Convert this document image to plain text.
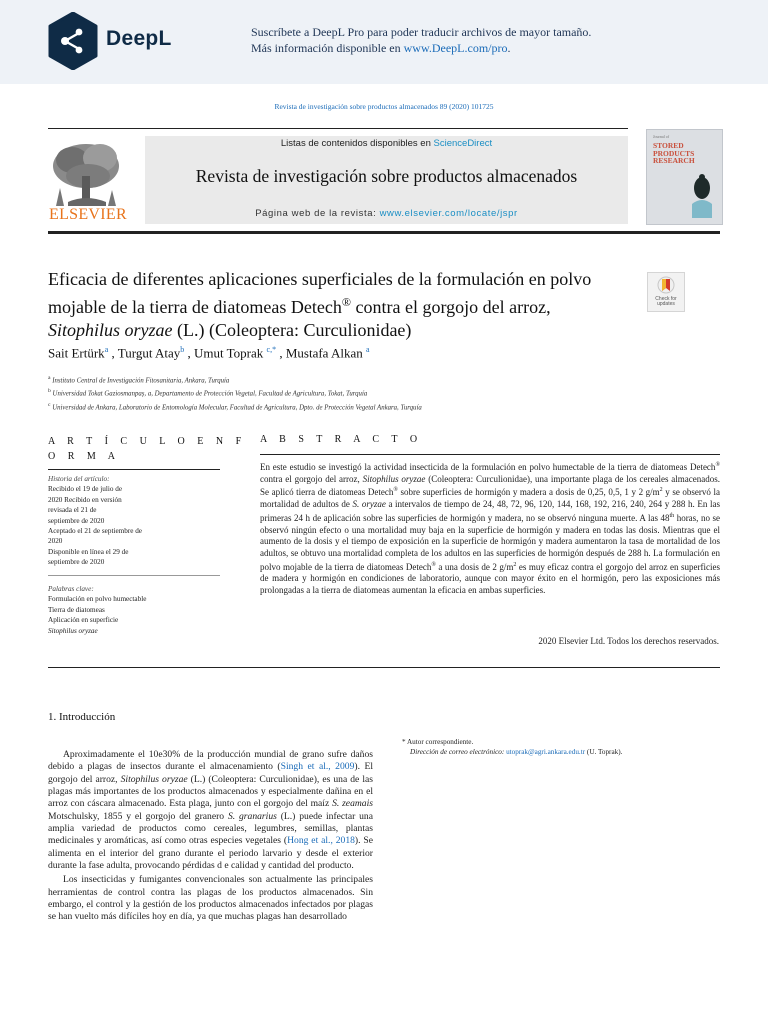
DeepL	Suscríbete a DeepL Pro para poder traducir archivos de mayor tamaño.
Más información disponible en www.DeepL.com/pro.
Revista de investigación sobre productos almacenados 89 (2020) 101725
ELSEVIER
Listas de contenidos disponibles en ScienceDirect
Revista de investigación sobre productos almacenados
Página web de la revista: www.elsevier.com/locate/jspr
Journal of
STORED PRODUCTS RESEARCH
Eficacia de diferentes aplicaciones superficiales de la formulación en polvo
mojable de la tierra de diatomeas Detech® contra el gorgojo del arroz,
Sitophilus oryzae (L.) (Coleoptera: Curculionidae)
Check for updates
Sait Ertürk$^a$ , Turgut Atay$^b$ , Umut Toprak $^{c,*}$ , Mustafa Alkan $^a$
$^a$ Instituto Central de Investigación Fitosanitaria, Ankara, Turquía
$^b$ Universidad Tokat Gaziosmanpaș, a, Departamento de Protección Vegetal, Facultad de Agricultura, Tokat, Turquía
$^c$ Universidad de Ankara, Laboratorio de Entomología Molecular, Facultad de Agricultura, Dpto. de Protección Vegetal Ankara, Turquía
A R T Í C U L O E N F
O R M A
Historia del artículo:
Recibido el 19 de julio de
2020 Recibido en versión
revisada el 21 de
septiembre de 2020
Aceptado el 21 de septiembre de
2020
Disponible en línea el 29 de
septiembre de 2020
Palabras clave:
Formulación en polvo humectable
Tierra de diatomeas
Aplicación en superficie
Sitophilus oryzae
A B S T R A C T O
En este estudio se investigó la actividad insecticida de la formulación en polvo humectable de la tierra de diatomeas Detech® contra el gorgojo del arroz, Sitophilus oryzae (Coleoptera: Curculionidae), una importante plaga de los cereales almacenados. Se aplicó tierra de diatomeas Detech® sobre superficies de hormigón y madera a dosis de 0,25, 0,5, 1 y 2 $g/m^2$ y se observó la mortalidad de adultos de S. oryzae a intervalos de tiempo de 24, 48, 72, 96, 120, 144, 168, 192, 216, 240, 264 y 288 h. En las primeras 24 h de aplicación sobre las superficies de hormigón y madera, no se observó ninguna muerte. A las 48th horas, no se observó ningún efecto o una mortalidad muy baja en la superficie de hormigón y madera en todas las dosis. Mientras que el aumento de la dosis y el tiempo de exposición en la superficie de hormigón y madera aumentaron la tasa de mortalidad de los adultos, se obtuvo una mortalidad completa de los adultos en las superficies de hormigón después de 288 h. La formulación en polvo mojable de la tierra de diatomeas Detech® a una dosis de 2 $g/m^2$ es muy eficaz contra el gorgojo del arroz en superficies de madera y hormigón en condiciones de laboratorio, aunque con mayor éxito en el hormigón, pero las exposiciones más prolongadas a la tierra de diatomeas aumentan la eficacia en ambas superficies.
2020 Elsevier Ltd. Todos los derechos reservados.
1. Introducción

Aproximadamente el 10e30% de la producción mundial de grano sufre daños debido a plagas de insectos durante el almacenamiento (Singh et al., 2009). El gorgojo del arroz, Sitophilus oryzae (L.) (Coleoptera: Curculionidae), es una de las plagas más importantes de los productos almacenados y especialmente dañina en el arroz con cáscara almacenado. Esta plaga, junto con el gorgojo del maíz S. zeamais Motschulsky, 1855 y el gorgojo del granero S. granarius (L.) puede infectar una amplia variedad de productos como cereales, legumbres, semillas, plantas medicinales y aromáticas, así como otras especies vegetales (Hong et al., 2018). Se alimenta en el interior del grano durante el periodo larvario y desde el exterior durante la fase adulta, provocando pérdidas d e calidad y cantidad del producto.

Los insecticidas y fumigantes convencionales son actualmente las principales herramientas de control contra las plagas de los productos almacenados. Sin embargo, el control y la gestión de los productos almacenados infectados por plagas se han vuelto más difíciles hoy en día, ya que muchas plagas han desarrollado

* Autor correspondiente.
Dirección de correo electrónico: utoprak@agri.ankara.edu.tr (U. Toprak).
